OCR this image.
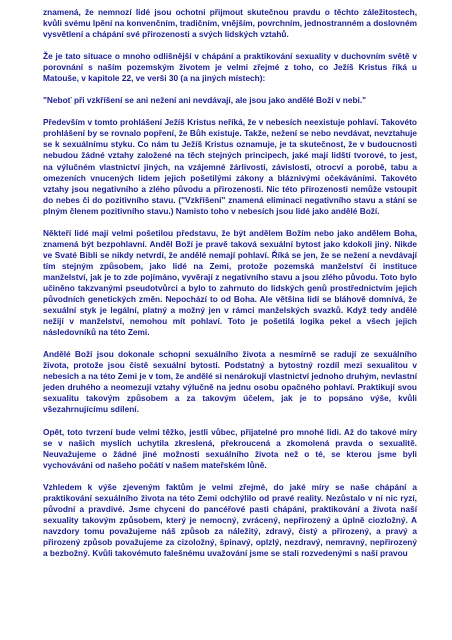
znamená, že nemnozí lidé jsou ochotni přijmout skutečnou pravdu o těchto záležitostech, kvůli svému lpění na konvenčním, tradičním, vnějším, povrchním, jednostranném a doslovném vysvětlení a chápání své přirozenosti a svých lidských vztahů.

Že je tato situace o mnoho odlišnější v chápání a praktikování sexuality v duchovním světě v porovnání s naším pozemským životem je velmi zřejmé z toho, co Ježíš Kristus říká u Matouše, v kapitole 22, ve verši 30 (a na jiných místech):

"Neboť při vzkříšení se ani nežení ani nevdávají, ale jsou jako andělé Boží v nebi."

Především v tomto prohlášení Ježíš Kristus neříká, že v nebesích neexistuje pohlaví. Takovéto prohlášení by se rovnalo popření, že Bůh existuje. Takže, nežení se nebo nevdávat, nevztahuje se k sexuálnímu styku. Co nám tu Ježíš Kristus oznamuje, je ta skutečnost, že v budoucnosti nebudou žádné vztahy založené na těch stejných principech, jaké mají lidští tvorové, to jest, na výlučném vlastnictví jiných, na vzájemné žárlivosti, závislosti, otrocví a porobě, tabu a omezeních vnucených lidem jejich pošetilými zákony a bláznivými očekáváními. Takovéto vztahy jsou negativního a zlého původu a přirozenosti. Nic této přirozenosti nemůže vstoupit do nebes či do pozitivního stavu. ("Vzkříšení" znamená eliminaci negativního stavu a stání se plným členem pozitivního stavu.) Namísto toho v nebesích jsou lidé jako andělé Boží.

Někteří lidé mají velmi pošetilou představu, že být andělem Božím nebo jako andělem Boha, znamená být bezpohlavní. Anděl Boží je pravě taková sexuální bytost jako kdokoli jiný. Nikde ve Svaté Bibli se nikdy netvrdí, že andělé nemají pohlaví. Říká se jen, že se nežení a nevdávají tím stejným způsobem, jako lidé na Zemi, protože pozemská manželství či instituce manželství, jak je to zde pojímáno, vyvěrají z negativního stavu a jsou zlého původu. Toto bylo učiněno takzvanými pseudotvůrci a bylo to zahrnuto do lidských genů prostřednictvím jejich původních genetických změn. Nepochází to od Boha. Ale většina lidí se bláhově domnívá, že sexuální styk je legální, platný a možný jen v rámci manželských svazků. Když tedy andělé nežijí v manželství, nemohou mít pohlaví. Toto je pošetilá logika pekel a všech jejich následovníků na této Zemi.

Andělé Boží jsou dokonale schopni sexuálního života a nesmírně se radují ze sexuálního života, protože jsou čistě sexuální bytosti. Podstatný a bytostný rozdíl mezi sexualitou v nebesích a na této Zemi je v tom, že andělé si nenárokují vlastnictví jednoho druhým, nevlastní jeden druhého a neomezují vztahy výlučně na jednu osobu opačného pohlaví. Praktikují svou sexualitu takovým způsobem a za takovým účelem, jak je to popsáno výše, kvůli všezahrnujícímu sdílení.

Opět, toto tvrzení bude velmi těžko, jestli vůbec, přijatelné pro mnohé lidi. Až do takové míry se v našich myslích uchytila zkreslená, překroucená a zkomolená pravda o sexualitě. Neuvažujeme o žádné jiné možnosti sexuálního života než o té, se kterou jsme byli vychováváni od našeho počátí v našem mateřském lůně.

Vzhledem k výše zjeveným faktům je velmi zřejmé, do jaké míry se naše chápání a praktikování sexuálního života na této Zemi odchýlilo od pravé reality. Nezůstalo v ní nic ryzí, původní a pravdivé. Jsme chyceni do pancéřové pasti chápání, praktikování a života naší sexuality takovým způsobem, který je nemocný, zvrácený, nepřirozený a úplně ciozložný. A navzdory tomu považujeme náš způsob za náležitý, zdravý, čistý a přirozený, a pravý a přirozený způsob považujeme za cizoložný, špinavý, oplzlý, nezdravý, nemravný, nepřirozený a bezbožný. Kvůli takovémuto falešnému uvažování jsme se stali rozvedenými s naší pravou
